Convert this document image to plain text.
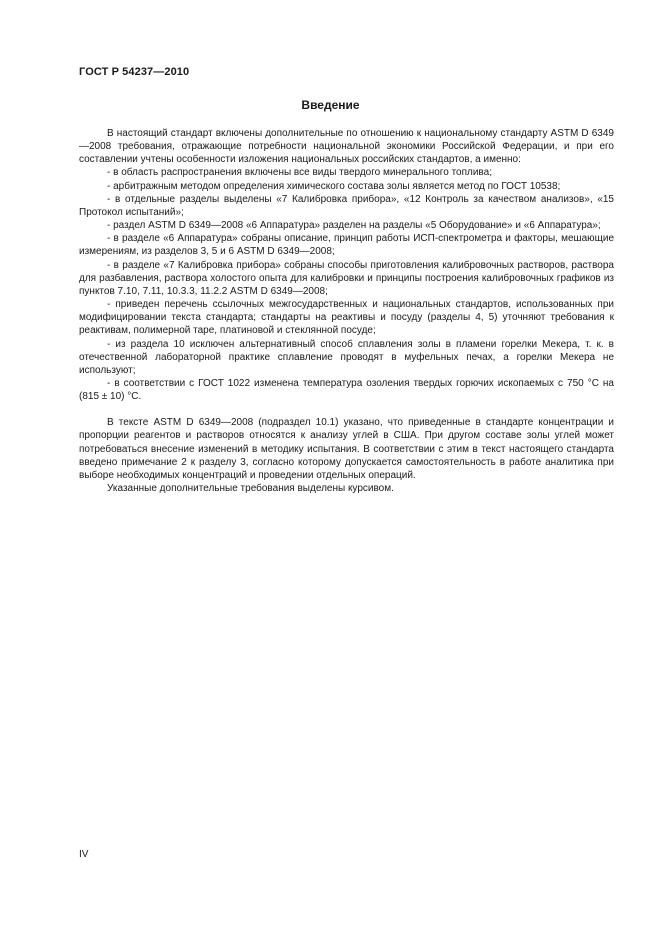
ГОСТ Р 54237—2010
Введение

В настоящий стандарт включены дополнительные по отношению к национальному стандарту ASTM D 6349—2008 требования, отражающие потребности национальной экономики Российской Федерации, и при его составлении учтены особенности изложения национальных российских стандартов, а именно:

- в область распространения включены все виды твердого минерального топлива;

- арбитражным методом определения химического состава золы является метод по ГОСТ 10538;

- в отдельные разделы выделены «7 Калибровка прибора», «12 Контроль за качеством анализов», «15 Протокол испытаний»;

- раздел ASTM D 6349—2008 «6 Аппаратура» разделен на разделы «5 Оборудование» и «6 Аппаратура»;

- в разделе «6 Аппаратура» собраны описание, принцип работы ИСП-спектрометра и факторы, мешающие измерениям, из разделов 3, 5 и 6 ASTM D 6349—2008;

- в разделе «7 Калибровка прибора» собраны способы приготовления калибровочных растворов, раствора для разбавления, раствора холостого опыта для калибровки и принципы построения калибровочных графиков из пунктов 7.10, 7.11, 10.3.3, 11.2.2 ASTM D 6349—2008;

- приведен перечень ссылочных межгосударственных и национальных стандартов, использованных при модифицировании текста стандарта; стандарты на реактивы и посуду (разделы 4, 5) уточняют требования к реактивам, полимерной таре, платиновой и стеклянной посуде;

- из раздела 10 исключен альтернативный способ сплавления золы в пламени горелки Мекера, т. к. в отечественной лабораторной практике сплавление проводят в муфельных печах, а горелки Мекера не используют;

- в соответствии с ГОСТ 1022 изменена температура озоления твердых горючих ископаемых с 750 °С на (815 ± 10) °С.

В тексте ASTM D 6349—2008 (подраздел 10.1) указано, что приведенные в стандарте концентрации и пропорции реагентов и растворов относятся к анализу углей в США. При другом составе золы углей может потребоваться внесение изменений в методику испытания. В соответствии с этим в текст настоящего стандарта введено примечание 2 к разделу 3, согласно которому допускается самостоятельность в работе аналитика при выборе необходимых концентраций и проведении отдельных операций.

Указанные дополнительные требования выделены курсивом.

IV
